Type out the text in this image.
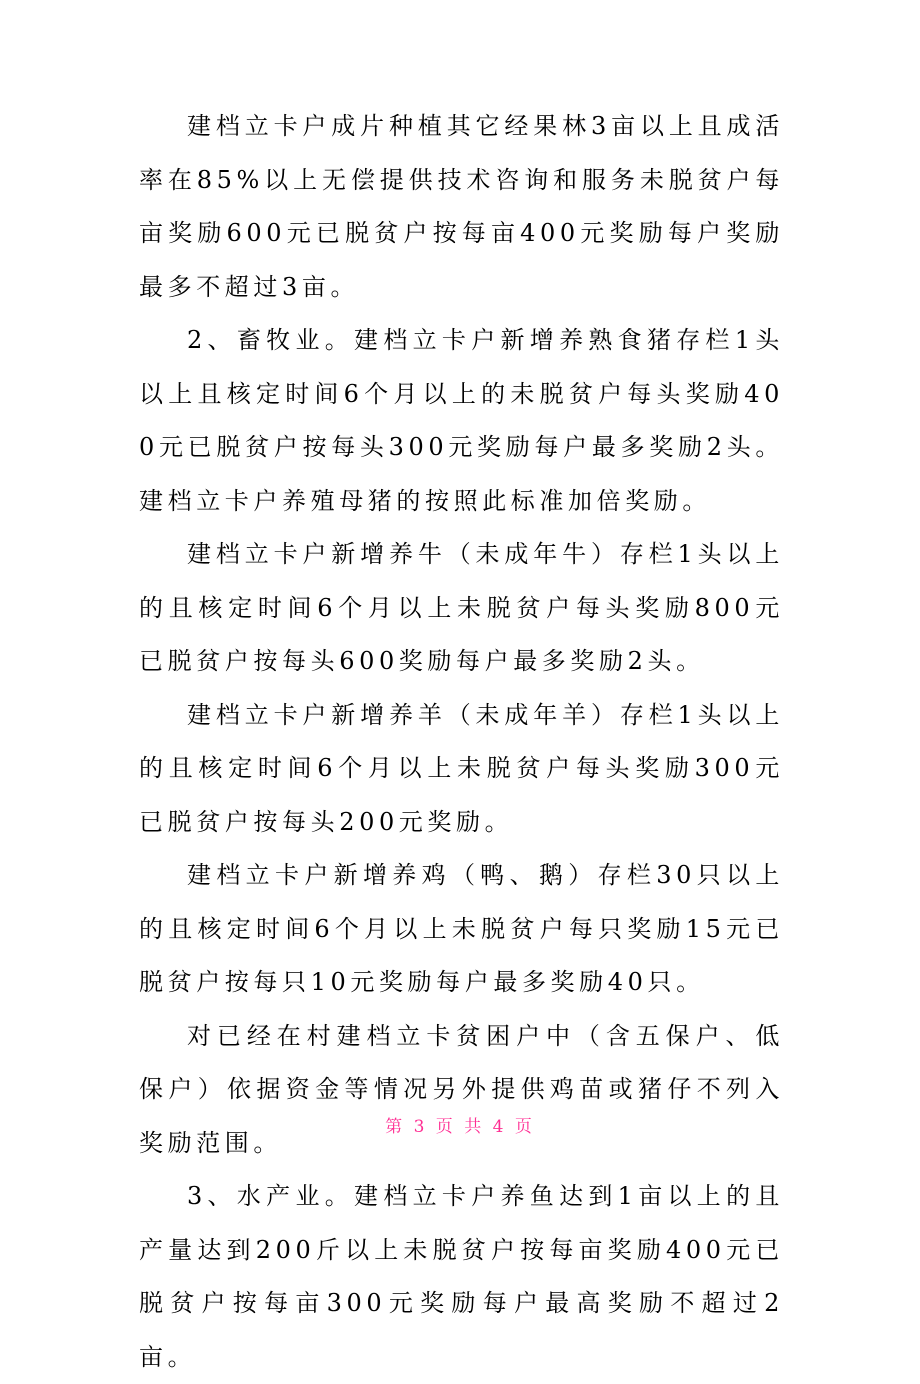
建档立卡户成片种植其它经果林3亩以上且成活率在85%以上无偿提供技术咨询和服务未脱贫户每亩奖励600元已脱贫户按每亩400元奖励每户奖励最多不超过3亩。

2、畜牧业。建档立卡户新增养熟食猪存栏1头以上且核定时间6个月以上的未脱贫户每头奖励400元已脱贫户按每头300元奖励每户最多奖励2头。建档立卡户养殖母猪的按照此标准加倍奖励。

建档立卡户新增养牛（未成年牛）存栏1头以上的且核定时间6个月以上未脱贫户每头奖励800元已脱贫户按每头600奖励每户最多奖励2头。

建档立卡户新增养羊（未成年羊）存栏1头以上的且核定时间6个月以上未脱贫户每头奖励300元已脱贫户按每头200元奖励。

建档立卡户新增养鸡（鸭、鹅）存栏30只以上的且核定时间6个月以上未脱贫户每只奖励15元已脱贫户按每只10元奖励每户最多奖励40只。

对已经在村建档立卡贫困户中（含五保户、低保户）依据资金等情况另外提供鸡苗或猪仔不列入奖励范围。

3、水产业。建档立卡户养鱼达到1亩以上的且产量达到200斤以上未脱贫户按每亩奖励400元已脱贫户按每亩300元奖励每户最高奖励不超过2亩。

第 3 页 共 4 页
